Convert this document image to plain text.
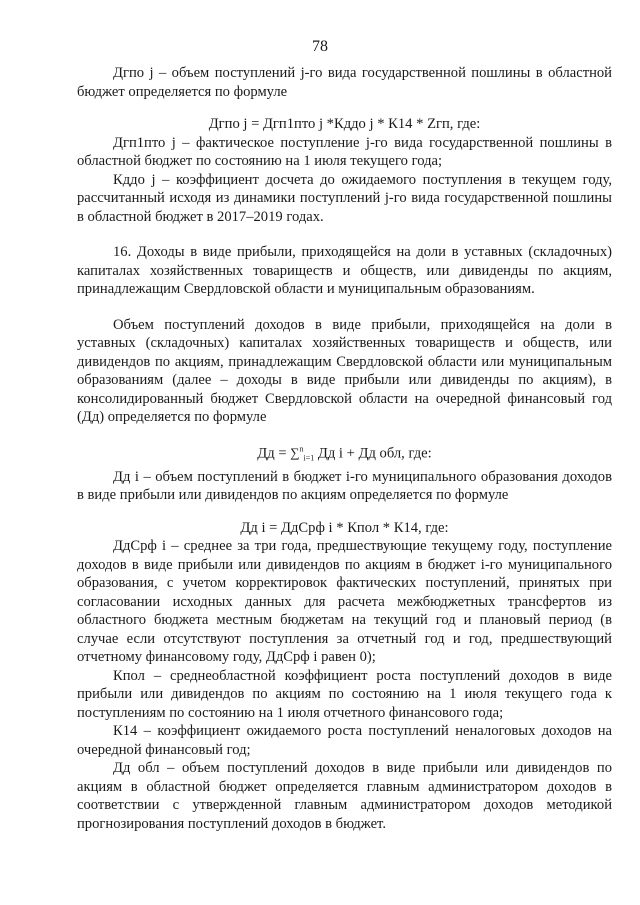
78

Дгпо j – объем поступлений j-го вида государственной пошлины в областной бюджет определяется по формуле

Дгпо j = Дгп1пто j *Кддо j * К14 * Zгп, где:

Дгп1пто j – фактическое поступление j-го вида государственной пошлины в областной бюджет по состоянию на 1 июля текущего года;

Кддо j – коэффициент досчета до ожидаемого поступления в текущем году, рассчитанный исходя из динамики поступлений j-го вида государственной пошлины в областной бюджет в 2017–2019 годах.

16. Доходы в виде прибыли, приходящейся на доли в уставных (складочных) капиталах хозяйственных товариществ и обществ, или дивиденды по акциям, принадлежащим Свердловской области и муниципальным образованиям.

Объем поступлений доходов в виде прибыли, приходящейся на доли в уставных (складочных) капиталах хозяйственных товариществ и обществ, или дивидендов по акциям, принадлежащим Свердловской области или муниципальным образованиям (далее – доходы в виде прибыли или дивиденды по акциям), в консолидированный бюджет Свердловской области на очередной финансовый год (Дд) определяется по формуле

Дд = ∑$^n_{i=1}$ Дд i + Дд обл, где:

Дд i – объем поступлений в бюджет i-го муниципального образования доходов в виде прибыли или дивидендов по акциям определяется по формуле

Дд i = ДдСрф i * Кпол * К14, где:

ДдСрф i – среднее за три года, предшествующие текущему году, поступление доходов в виде прибыли или дивидендов по акциям в бюджет i-го муниципального образования, с учетом корректировок фактических поступлений, принятых при согласовании исходных данных для расчета межбюджетных трансфертов из областного бюджета местным бюджетам на текущий год и плановый период (в случае если отсутствуют поступления за отчетный год и год, предшествующий отчетному финансовому году, ДдСрф i равен 0);

Кпол – среднеобластной коэффициент роста поступлений доходов в виде прибыли или дивидендов по акциям по состоянию на 1 июля текущего года к поступлениям по состоянию на 1 июля отчетного финансового года;

К14 – коэффициент ожидаемого роста поступлений неналоговых доходов на очередной финансовый год;

Дд обл – объем поступлений доходов в виде прибыли или дивидендов по акциям в областной бюджет определяется главным администратором доходов в соответствии с утвержденной главным администратором доходов методикой прогнозирования поступлений доходов в бюджет.
